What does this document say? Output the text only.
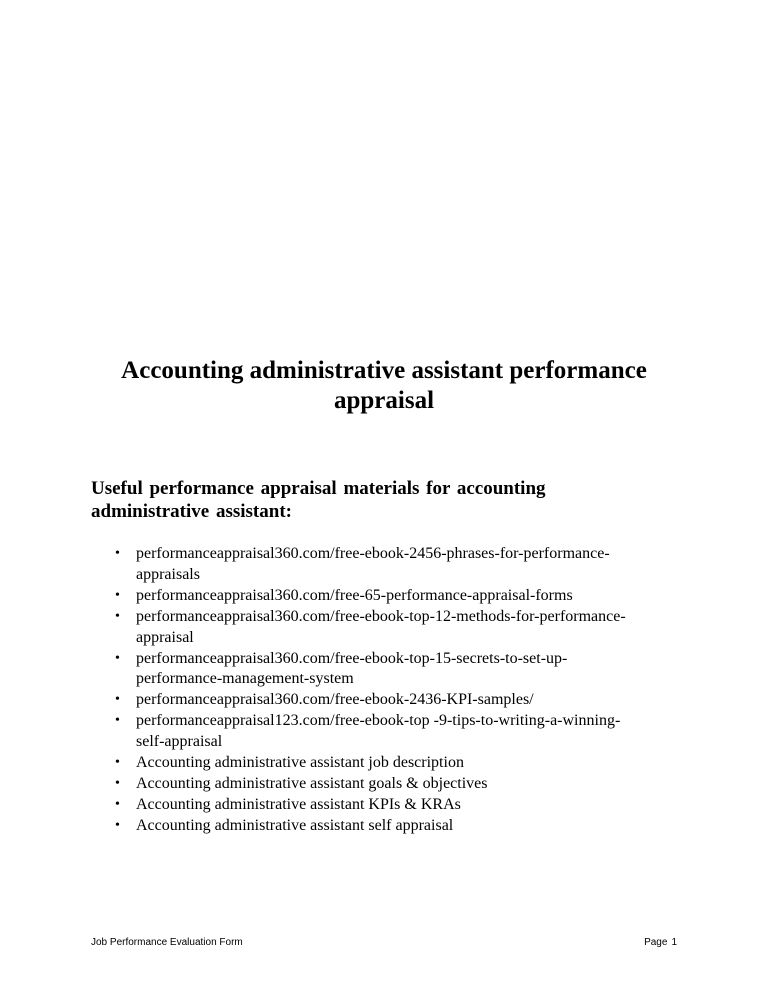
Accounting administrative assistant performance
appraisal
Useful performance appraisal materials for accounting
administrative assistant:
• performanceappraisal360.com/free-ebook-2456-phrases-for-performance-
appraisals
• performanceappraisal360.com/free-65-performance-appraisal-forms
• performanceappraisal360.com/free-ebook-top-12-methods-for-performance-
appraisal
• performanceappraisal360.com/free-ebook-top-15-secrets-to-set-up-
performance-management-system
• performanceappraisal360.com/free-ebook-2436-KPI-samples/
• performanceappraisal123.com/free-ebook-top -9-tips-to-writing-a-winning-
self-appraisal
• Accounting administrative assistant job description
• Accounting administrative assistant goals & objectives
• Accounting administrative assistant KPIs & KRAs
• Accounting administrative assistant self appraisal
Job Performance Evaluation Form	Page 1
